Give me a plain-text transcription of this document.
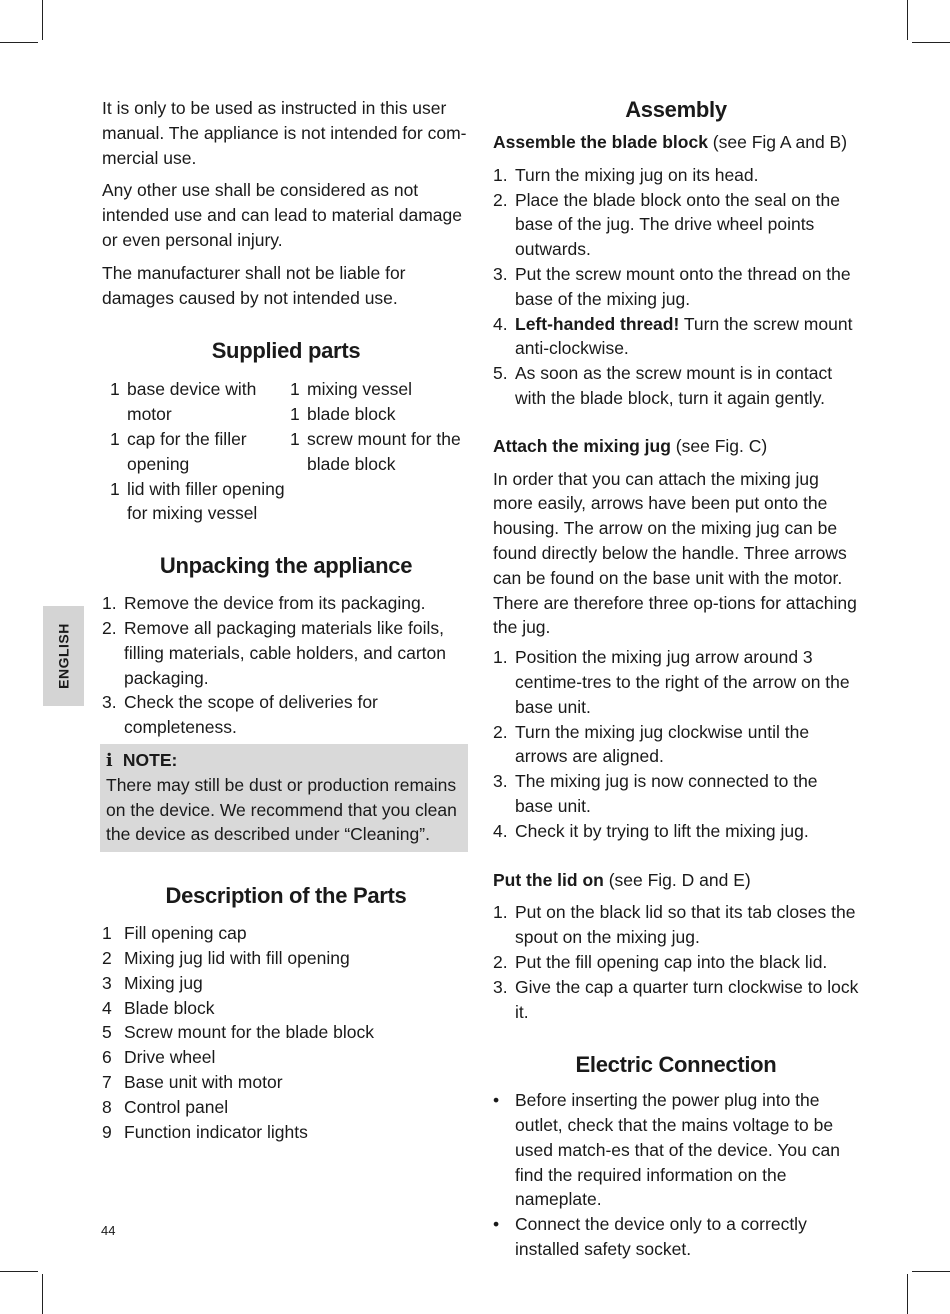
ENGLISH

It is only to be used as instructed in this user manual. The appliance is not intended for com-mercial use.

Any other use shall be considered as not intended use and can lead to material damage or even personal injury.

The manufacturer shall not be liable for damages caused by not intended use.

Supplied parts
1 base device with motor
1 cap for the filler opening
1 lid with filler opening for mixing vessel
1 mixing vessel
1 blade block
1 screw mount for the blade block
Unpacking the appliance
1. Remove the device from its packaging.
2. Remove all packaging materials like foils, filling materials, cable holders, and carton packaging.
3. Check the scope of deliveries for completeness.
ℹ NOTE:

There may still be dust or production remains on the device. We recommend that you clean the device as described under “Cleaning”.

Description of the Parts
1 Fill opening cap
2 Mixing jug lid with fill opening
3 Mixing jug
4 Blade block
5 Screw mount for the blade block
6 Drive wheel
7 Base unit with motor
8 Control panel
9 Function indicator lights
Assembly

Assemble the blade block (see Fig A and B)

1. Turn the mixing jug on its head.
2. Place the blade block onto the seal on the base of the jug. The drive wheel points outwards.
3. Put the screw mount onto the thread on the base of the mixing jug.
4. Left-handed thread! Turn the screw mount anti-clockwise.
5. As soon as the screw mount is in contact with the blade block, turn it again gently.

Attach the mixing jug (see Fig. C)

In order that you can attach the mixing jug more easily, arrows have been put onto the housing. The arrow on the mixing jug can be found directly below the handle. Three arrows can be found on the base unit with the motor. There are therefore three op-tions for attaching the jug.

1. Position the mixing jug arrow around 3 centime-tres to the right of the arrow on the base unit.
2. Turn the mixing jug clockwise until the arrows are aligned.
3. The mixing jug is now connected to the base unit.
4. Check it by trying to lift the mixing jug.

Put the lid on (see Fig. D and E)

1. Put on the black lid so that its tab closes the spout on the mixing jug.
2. Put the fill opening cap into the black lid.
3. Give the cap a quarter turn clockwise to lock it.
Electric Connection
• Before inserting the power plug into the outlet, check that the mains voltage to be used match-es that of the device. You can find the required information on the nameplate.
• Connect the device only to a correctly installed safety socket.
44
